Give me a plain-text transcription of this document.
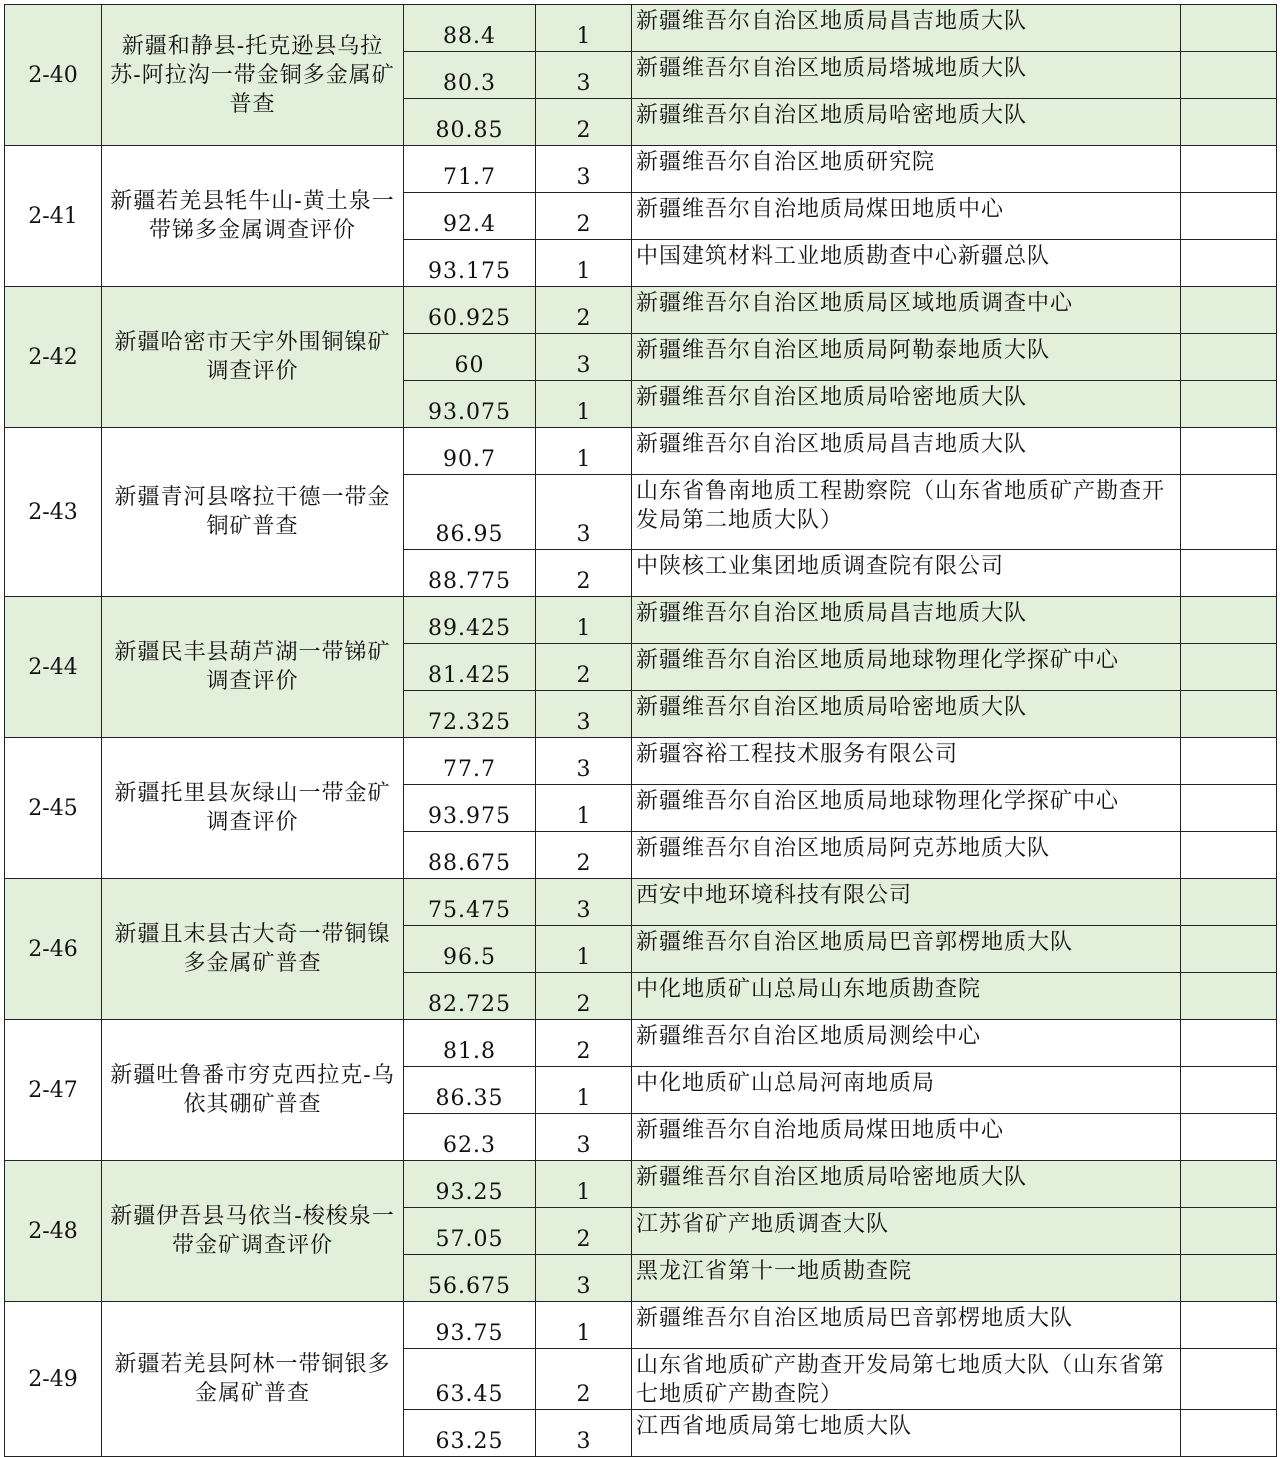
2-40	新疆和静县-托克逊县乌拉苏-阿拉沟一带金铜多金属矿普查	88.4	1	新疆维吾尔自治区地质局昌吉地质大队	
		80.3	3	新疆维吾尔自治区地质局塔城地质大队	
		80.85	2	新疆维吾尔自治区地质局哈密地质大队	
2-41	新疆若羌县牦牛山-黄土泉一带锑多金属调查评价	71.7	3	新疆维吾尔自治区地质研究院	
		92.4	2	新疆维吾尔自治地质局煤田地质中心	
		93.175	1	中国建筑材料工业地质勘查中心新疆总队	
2-42	新疆哈密市天宇外围铜镍矿调查评价	60.925	2	新疆维吾尔自治区地质局区域地质调查中心	
		60	3	新疆维吾尔自治区地质局阿勒泰地质大队	
		93.075	1	新疆维吾尔自治区地质局哈密地质大队	
2-43	新疆青河县喀拉干德一带金铜矿普查	90.7	1	新疆维吾尔自治区地质局昌吉地质大队	
		86.95	3	山东省鲁南地质工程勘察院（山东省地质矿产勘查开发局第二地质大队）	
		88.775	2	中陕核工业集团地质调查院有限公司	
2-44	新疆民丰县葫芦湖一带锑矿调查评价	89.425	1	新疆维吾尔自治区地质局昌吉地质大队	
		81.425	2	新疆维吾尔自治区地质局地球物理化学探矿中心	
		72.325	3	新疆维吾尔自治区地质局哈密地质大队	
2-45	新疆托里县灰绿山一带金矿调查评价	77.7	3	新疆容裕工程技术服务有限公司	
		93.975	1	新疆维吾尔自治区地质局地球物理化学探矿中心	
		88.675	2	新疆维吾尔自治区地质局阿克苏地质大队	
2-46	新疆且末县古大奇一带铜镍多金属矿普查	75.475	3	西安中地环境科技有限公司	
		96.5	1	新疆维吾尔自治区地质局巴音郭楞地质大队	
		82.725	2	中化地质矿山总局山东地质勘查院	
2-47	新疆吐鲁番市穷克西拉克-乌依其硼矿普查	81.8	2	新疆维吾尔自治区地质局测绘中心	
		86.35	1	中化地质矿山总局河南地质局	
		62.3	3	新疆维吾尔自治地质局煤田地质中心	
2-48	新疆伊吾县马依当-梭梭泉一带金矿调查评价	93.25	1	新疆维吾尔自治区地质局哈密地质大队	
		57.05	2	江苏省矿产地质调查大队	
		56.675	3	黑龙江省第十一地质勘查院	
2-49	新疆若羌县阿林一带铜银多金属矿普查	93.75	1	新疆维吾尔自治区地质局巴音郭楞地质大队	
		63.45	2	山东省地质矿产勘查开发局第七地质大队（山东省第七地质矿产勘查院）	
		63.25	3	江西省地质局第七地质大队	
